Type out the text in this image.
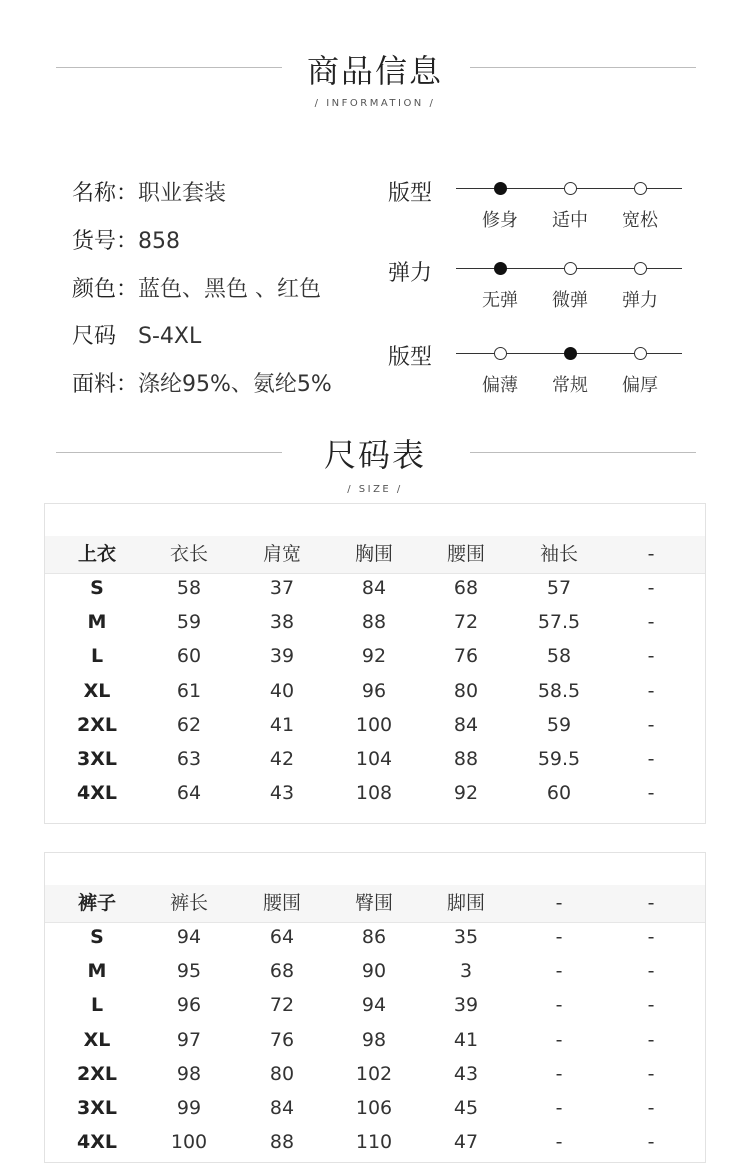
商品信息
/ INFORMATION /
名称：职业套装
货号：858
颜色：蓝色、黑色 、红色
尺码 S-4XL
面料：涤纶95%、氨纶5%
版型
修身	适中	宽松
弹力
无弹	微弹	弹力
版型
偏薄	常规	偏厚
尺码表
/ SIZE /
上衣	衣长	肩宽	胸围	腰围	袖长	-
S	58	37	84	68	57	-
M	59	38	88	72	57.5	-
L	60	39	92	76	58	-
XL	61	40	96	80	58.5	-
2XL	62	41	100	84	59	-
3XL	63	42	104	88	59.5	-
4XL	64	43	108	92	60	-
裤子	裤长	腰围	臀围	脚围	-	-
S	94	64	86	35	-	-
M	95	68	90	3	-	-
L	96	72	94	39	-	-
XL	97	76	98	41	-	-
2XL	98	80	102	43	-	-
3XL	99	84	106	45	-	-
4XL	100	88	110	47	-	-
